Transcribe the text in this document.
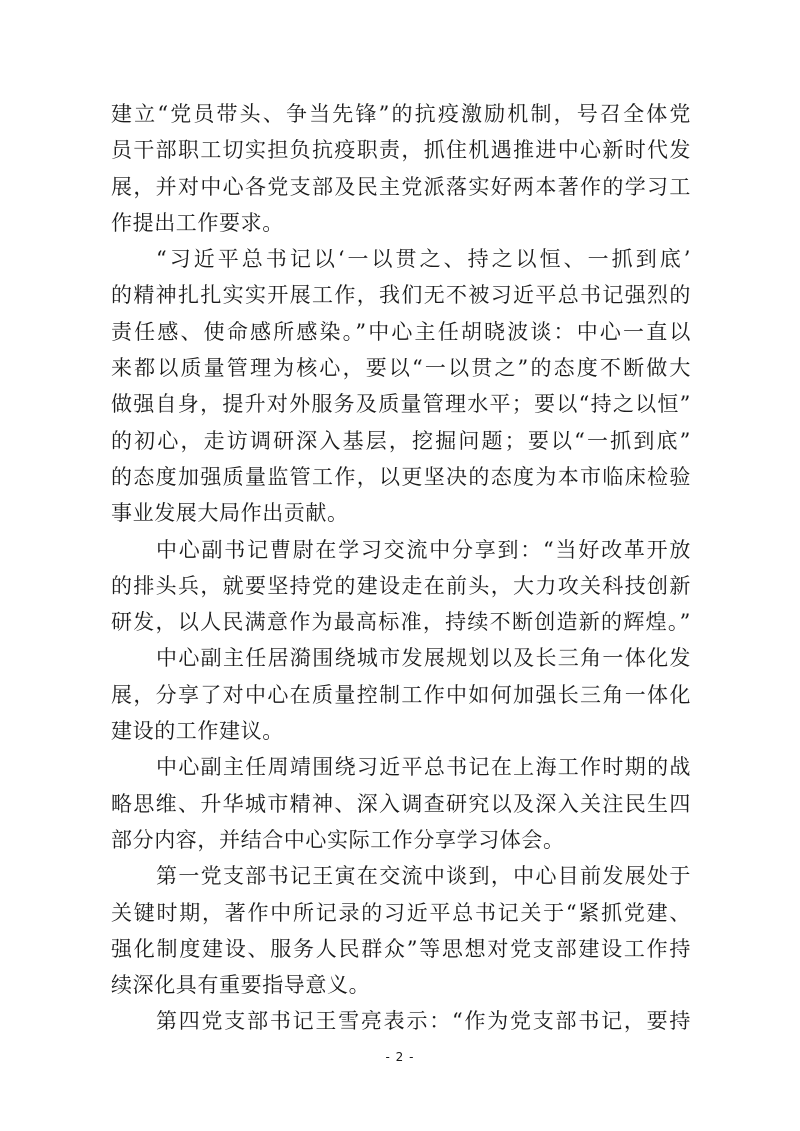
建立“党员带头、争当先锋”的抗疫激励机制，号召全体党
员干部职工切实担负抗疫职责，抓住机遇推进中心新时代发
展，并对中心各党支部及民主党派落实好两本著作的学习工
作提出工作要求。
“习近平总书记以‘一以贯之、持之以恒、一抓到底’
的精神扎扎实实开展工作，我们无不被习近平总书记强烈的
责任感、使命感所感染。”中心主任胡晓波谈：中心一直以
来都以质量管理为核心，要以“一以贯之”的态度不断做大
做强自身，提升对外服务及质量管理水平；要以“持之以恒”
的初心，走访调研深入基层，挖掘问题；要以“一抓到底”
的态度加强质量监管工作，以更坚决的态度为本市临床检验
事业发展大局作出贡献。
中心副书记曹尉在学习交流中分享到：“当好改革开放
的排头兵，就要坚持党的建设走在前头，大力攻关科技创新
研发，以人民满意作为最高标准，持续不断创造新的辉煌。”
中心副主任居漪围绕城市发展规划以及长三角一体化发
展，分享了对中心在质量控制工作中如何加强长三角一体化
建设的工作建议。
中心副主任周靖围绕习近平总书记在上海工作时期的战
略思维、升华城市精神、深入调查研究以及深入关注民生四
部分内容，并结合中心实际工作分享学习体会。
第一党支部书记王寅在交流中谈到，中心目前发展处于
关键时期，著作中所记录的习近平总书记关于“紧抓党建、
强化制度建设、服务人民群众”等思想对党支部建设工作持
续深化具有重要指导意义。
第四党支部书记王雪亮表示：“作为党支部书记，要持
- 2 -
